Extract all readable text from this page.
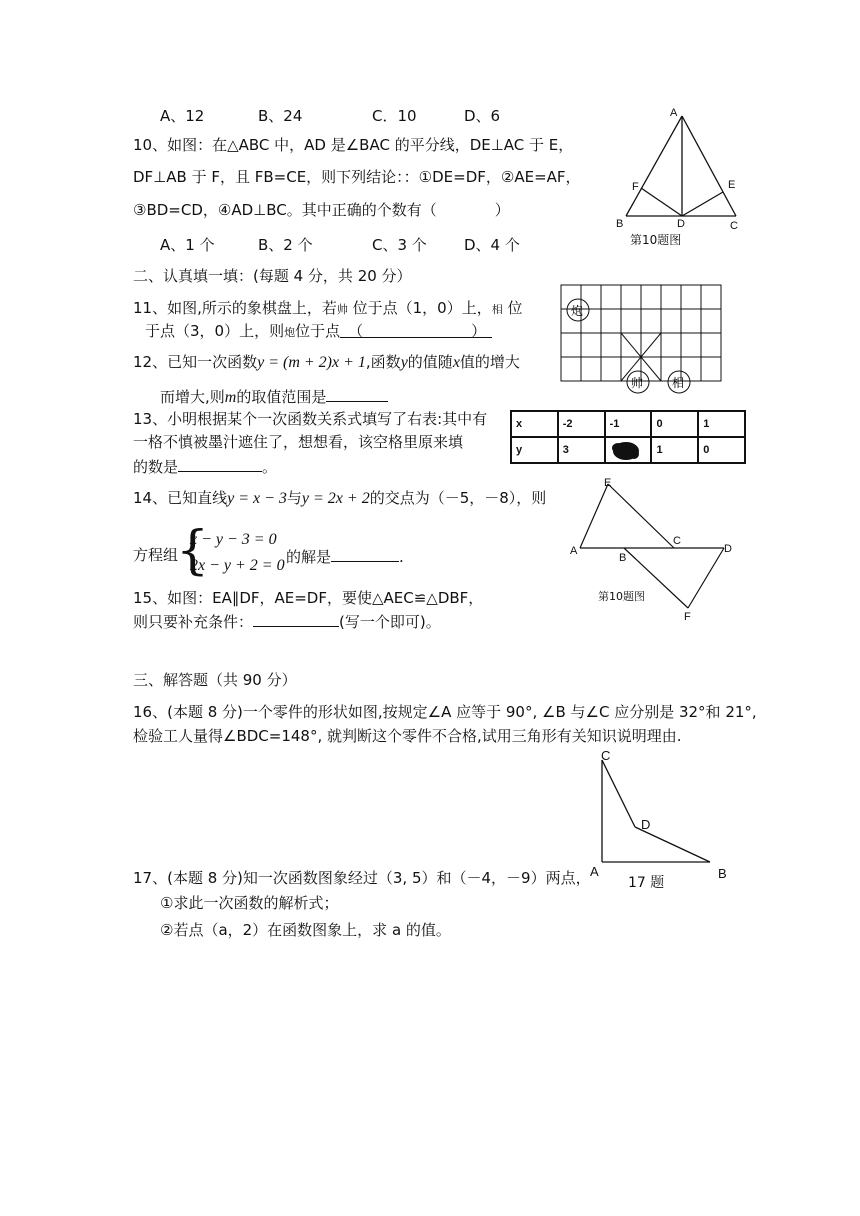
A、12	B、24	C．10	D、6
10、如图：在△ABC 中，AD 是∠BAC 的平分线，DE⊥AC 于 E，
DF⊥AB 于 F，且 FB=CE，则下列结论：：①DE=DF，②AE=AF，
③BD=CD，④AD⊥BC。其中正确的个数有（	）
A、1 个	B、2 个	C、3 个 D、4 个
A
B	C
D
E
F
第10题图
二、认真填一填：(每题 4 分，共 20 分）
11、如图,所示的象棋盘上，若帅 位于点（1，0）上，相 位
于点（3，0）上，则炮位于点 （	）
炮
帅 相
12、已知一次函数y = (m + 2)x + 1,函数y的值随x值的增大
而增大,则m的取值范围是
13、小明根据某个一次函数关系式填写了右表:其中有
一格不慎被墨汁遮住了，想想看，该空格里原来填
的数是	。
x	-2	-1	0	1
y	3		1	0
14、已知直线y = x − 3与y = 2x + 2的交点为（－5，－8），则
方程组
{
x − y − 3 = 0
2x − y + 2 = 0 的解是	.
E
A
B
C
D
F
第10题图
15、如图：EA∥DF，AE=DF，要使△AEC≌△DBF，
则只要补充条件：	(写一个即可)。
三、解答题（共 90 分）
16、(本题 8 分)一个零件的形状如图,按规定∠A 应等于 90°, ∠B 与∠C 应分别是 32°和 21°,
检验工人量得∠BDC=148°, 就判断这个零件不合格,试用三角形有关知识说明理由.
C
D
A	B
17 题
17、(本题 8 分)知一次函数图象经过（3, 5）和（－4，－9）两点，
①求此一次函数的解析式；
②若点（a，2）在函数图象上，求 a 的值。
